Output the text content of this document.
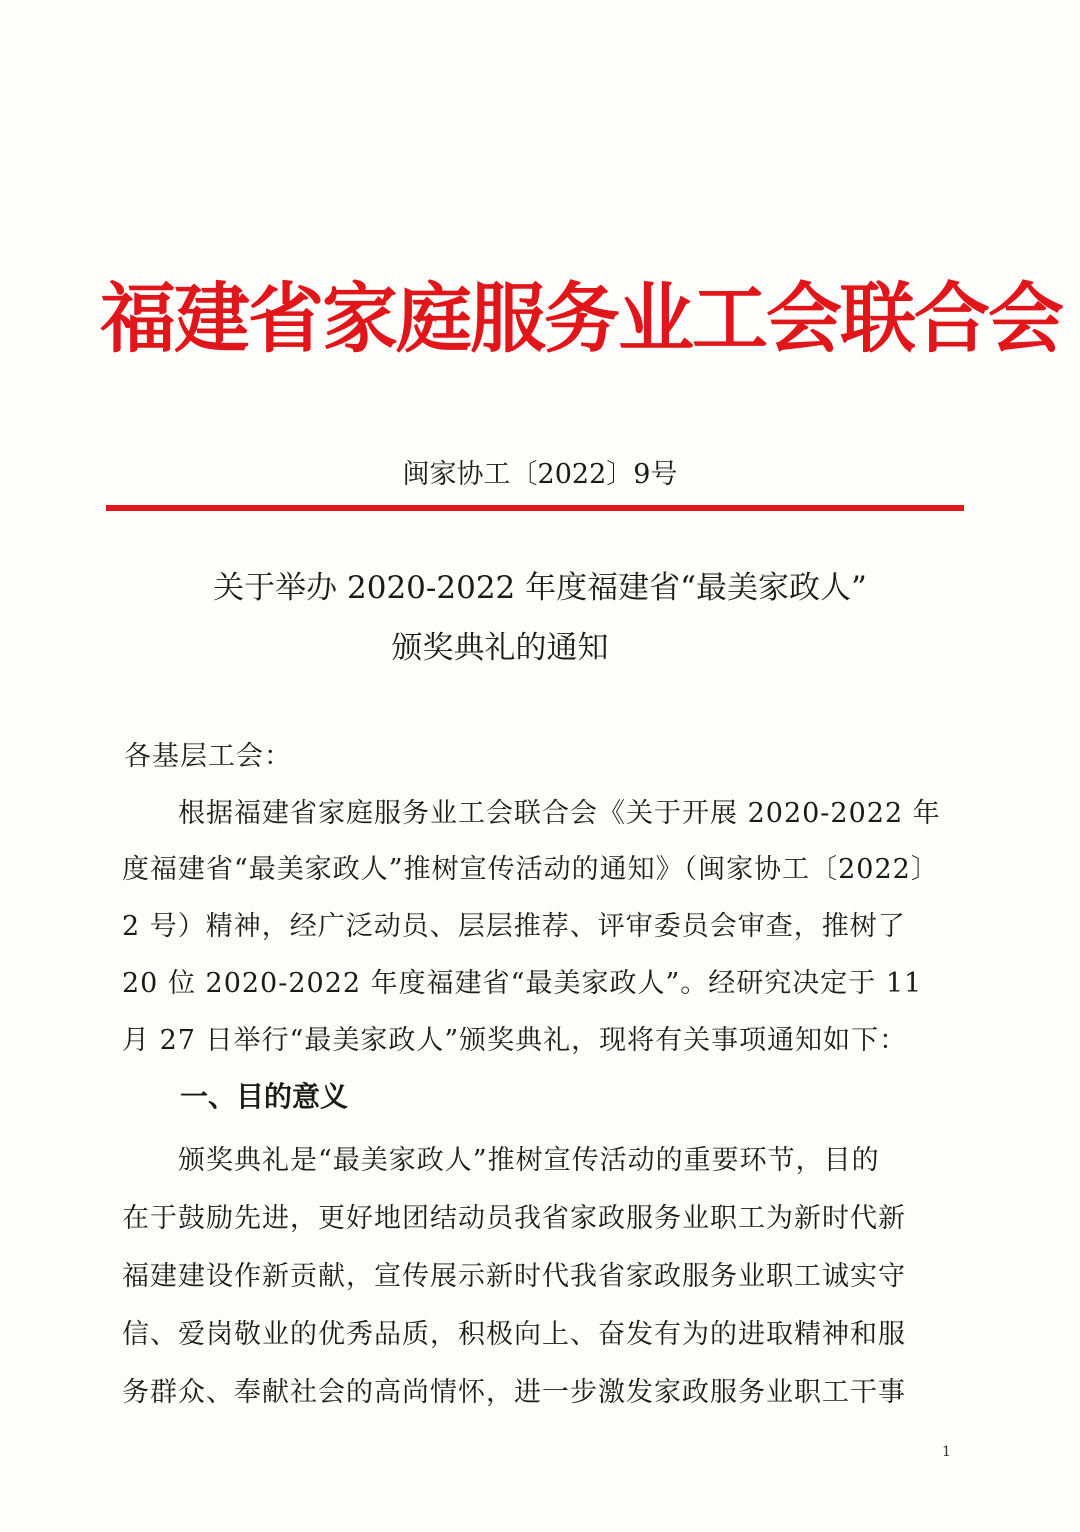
福建省家庭服务业工会联合会
闽家协工〔2022〕9号
关于举办 2020-2022 年度福建省“最美家政人”
颁奖典礼的通知
各基层工会：
　　根据福建省家庭服务业工会联合会《关于开展 2020-2022 年
度福建省“最美家政人”推树宣传活动的通知》（闽家协工〔2022〕
2 号）精神，经广泛动员、层层推荐、评审委员会审查，推树了
20 位 2020-2022 年度福建省“最美家政人”。经研究决定于 11
月 27 日举行“最美家政人”颁奖典礼，现将有关事项通知如下：
一、目的意义
　　颁奖典礼是“最美家政人”推树宣传活动的重要环节，目的
在于鼓励先进，更好地团结动员我省家政服务业职工为新时代新
福建建设作新贡献，宣传展示新时代我省家政服务业职工诚实守
信、爱岗敬业的优秀品质，积极向上、奋发有为的进取精神和服
务群众、奉献社会的高尚情怀，进一步激发家政服务业职工干事
1
